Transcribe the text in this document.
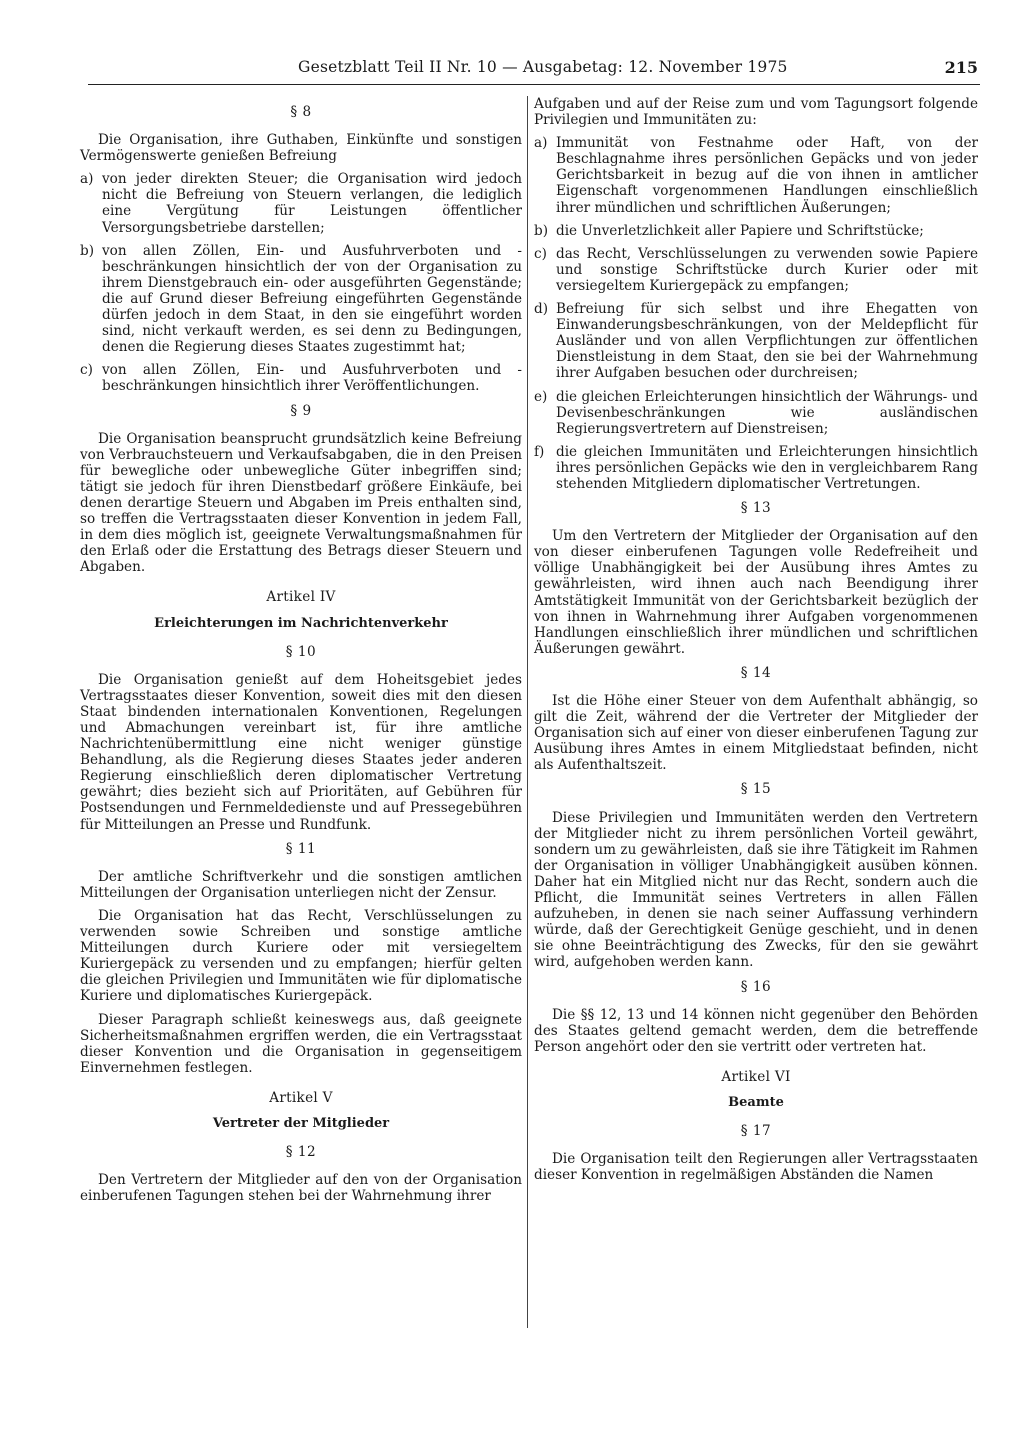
Gesetzblatt Teil II Nr. 10 — Ausgabetag: 12. November 1975	215
§ 8

Die Organisation, ihre Guthaben, Einkünfte und sonstigen Vermögenswerte genießen Befreiung

a) von jeder direkten Steuer; die Organisation wird jedoch nicht die Befreiung von Steuern verlangen, die lediglich eine Vergütung für Leistungen öffentlicher Versorgungsbetriebe darstellen;
b) von allen Zöllen, Ein- und Ausfuhrverboten und -beschränkungen hinsichtlich der von der Organisation zu ihrem Dienstgebrauch ein- oder ausgeführten Gegenstände; die auf Grund dieser Befreiung eingeführten Gegenstände dürfen jedoch in dem Staat, in den sie eingeführt worden sind, nicht verkauft werden, es sei denn zu Bedingungen, denen die Regierung dieses Staates zugestimmt hat;
c) von allen Zöllen, Ein- und Ausfuhrverboten und -beschränkungen hinsichtlich ihrer Veröffentlichungen.
§ 9

Die Organisation beansprucht grundsätzlich keine Befreiung von Verbrauchsteuern und Verkaufsabgaben, die in den Preisen für bewegliche oder unbewegliche Güter inbegriffen sind; tätigt sie jedoch für ihren Dienstbedarf größere Einkäufe, bei denen derartige Steuern und Abgaben im Preis enthalten sind, so treffen die Vertragsstaaten dieser Konvention in jedem Fall, in dem dies möglich ist, geeignete Verwaltungsmaßnahmen für den Erlaß oder die Erstattung des Betrags dieser Steuern und Abgaben.

Artikel IV
Erleichterungen im Nachrichtenverkehr
§ 10

Die Organisation genießt auf dem Hoheitsgebiet jedes Vertragsstaates dieser Konvention, soweit dies mit den diesen Staat bindenden internationalen Konventionen, Regelungen und Abmachungen vereinbart ist, für ihre amtliche Nachrichtenübermittlung eine nicht weniger günstige Behandlung, als die Regierung dieses Staates jeder anderen Regierung einschließlich deren diplomatischer Vertretung gewährt; dies bezieht sich auf Prioritäten, auf Gebühren für Postsendungen und Fernmeldedienste und auf Pressegebühren für Mitteilungen an Presse und Rundfunk.

§ 11

Der amtliche Schriftverkehr und die sonstigen amtlichen Mitteilungen der Organisation unterliegen nicht der Zensur.

Die Organisation hat das Recht, Verschlüsselungen zu verwenden sowie Schreiben und sonstige amtliche Mitteilungen durch Kuriere oder mit versiegeltem Kuriergepäck zu versenden und zu empfangen; hierfür gelten die gleichen Privilegien und Immunitäten wie für diplomatische Kuriere und diplomatisches Kuriergepäck.

Dieser Paragraph schließt keineswegs aus, daß geeignete Sicherheitsmaßnahmen ergriffen werden, die ein Vertragsstaat dieser Konvention und die Organisation in gegenseitigem Einvernehmen festlegen.

Artikel V
Vertreter der Mitglieder
§ 12

Den Vertretern der Mitglieder auf den von der Organisation einberufenen Tagungen stehen bei der Wahrnehmung ihrer

Aufgaben und auf der Reise zum und vom Tagungsort folgende Privilegien und Immunitäten zu:

a) Immunität von Festnahme oder Haft, von der Beschlagnahme ihres persönlichen Gepäcks und von jeder Gerichtsbarkeit in bezug auf die von ihnen in amtlicher Eigenschaft vorgenommenen Handlungen einschließlich ihrer mündlichen und schriftlichen Äußerungen;
b) die Unverletzlichkeit aller Papiere und Schriftstücke;
c) das Recht, Verschlüsselungen zu verwenden sowie Papiere und sonstige Schriftstücke durch Kurier oder mit versiegeltem Kuriergepäck zu empfangen;
d) Befreiung für sich selbst und ihre Ehegatten von Einwanderungsbeschränkungen, von der Meldepflicht für Ausländer und von allen Verpflichtungen zur öffentlichen Dienstleistung in dem Staat, den sie bei der Wahrnehmung ihrer Aufgaben besuchen oder durchreisen;
e) die gleichen Erleichterungen hinsichtlich der Währungs- und Devisenbeschränkungen wie ausländischen Regierungsvertretern auf Dienstreisen;
f) die gleichen Immunitäten und Erleichterungen hinsichtlich ihres persönlichen Gepäcks wie den in vergleichbarem Rang stehenden Mitgliedern diplomatischer Vertretungen.
§ 13

Um den Vertretern der Mitglieder der Organisation auf den von dieser einberufenen Tagungen volle Redefreiheit und völlige Unabhängigkeit bei der Ausübung ihres Amtes zu gewährleisten, wird ihnen auch nach Beendigung ihrer Amtstätigkeit Immunität von der Gerichtsbarkeit bezüglich der von ihnen in Wahrnehmung ihrer Aufgaben vorgenommenen Handlungen einschließlich ihrer mündlichen und schriftlichen Äußerungen gewährt.

§ 14

Ist die Höhe einer Steuer von dem Aufenthalt abhängig, so gilt die Zeit, während der die Vertreter der Mitglieder der Organisation sich auf einer von dieser einberufenen Tagung zur Ausübung ihres Amtes in einem Mitgliedstaat befinden, nicht als Aufenthaltszeit.

§ 15

Diese Privilegien und Immunitäten werden den Vertretern der Mitglieder nicht zu ihrem persönlichen Vorteil gewährt, sondern um zu gewährleisten, daß sie ihre Tätigkeit im Rahmen der Organisation in völliger Unabhängigkeit ausüben können. Daher hat ein Mitglied nicht nur das Recht, sondern auch die Pflicht, die Immunität seines Vertreters in allen Fällen aufzuheben, in denen sie nach seiner Auffassung verhindern würde, daß der Gerechtigkeit Genüge geschieht, und in denen sie ohne Beeinträchtigung des Zwecks, für den sie gewährt wird, aufgehoben werden kann.

§ 16

Die §§ 12, 13 und 14 können nicht gegenüber den Behörden des Staates geltend gemacht werden, dem die betreffende Person angehört oder den sie vertritt oder vertreten hat.

Artikel VI
Beamte
§ 17

Die Organisation teilt den Regierungen aller Vertragsstaaten dieser Konvention in regelmäßigen Abständen die Namen
